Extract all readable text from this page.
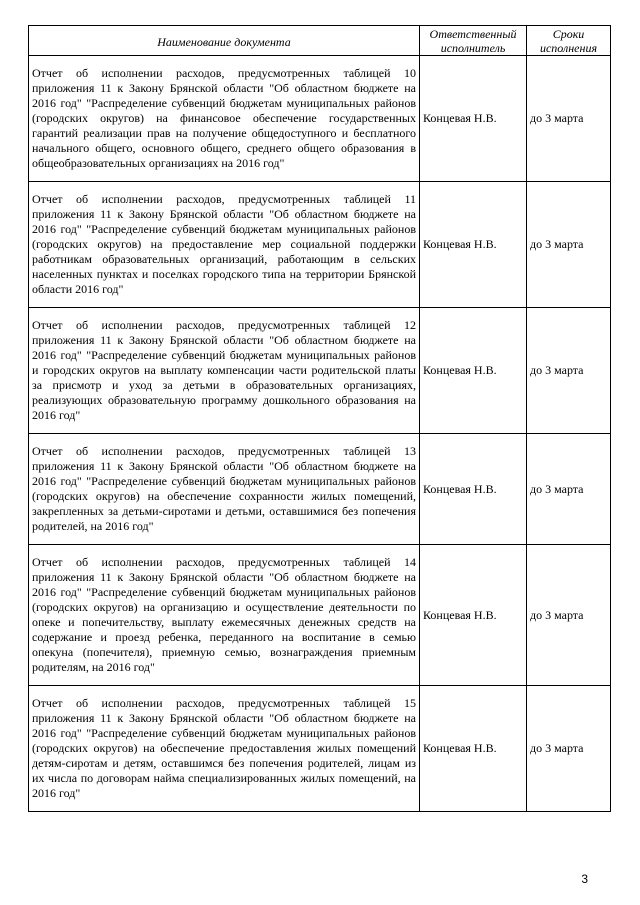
Наименование документа	Ответственный исполнитель	Сроки исполнения
Отчет об исполнении расходов, предусмотренных таблицей 10 приложения 11 к Закону Брянской области "Об областном бюджете на 2016 год" "Распределение субвенций бюджетам муниципальных районов (городских округов) на финансовое обеспечение государственных гарантий реализации прав на получение общедоступного и бесплатного начального общего, основного общего, среднего общего образования в общеобразовательных организациях на 2016 год"	Концевая Н.В.	до 3 марта
Отчет об исполнении расходов, предусмотренных таблицей 11 приложения 11 к Закону Брянской области "Об областном бюджете на 2016 год" "Распределение субвенций бюджетам муниципальных районов (городских округов) на предоставление мер социальной поддержки работникам образовательных организаций, работающим в сельских населенных пунктах и поселках городского типа на территории Брянской области 2016 год"	Концевая Н.В.	до 3 марта
Отчет об исполнении расходов, предусмотренных таблицей 12 приложения 11 к Закону Брянской области "Об областном бюджете на 2016 год" "Распределение субвенций бюджетам муниципальных районов и городских округов на выплату компенсации части родительской платы за присмотр и уход за детьми в образовательных организациях, реализующих образовательную программу дошкольного образования на 2016 год"	Концевая Н.В.	до 3 марта
Отчет об исполнении расходов, предусмотренных таблицей 13 приложения 11 к Закону Брянской области "Об областном бюджете на 2016 год" "Распределение субвенций бюджетам муниципальных районов (городских округов) на обеспечение сохранности жилых помещений, закрепленных за детьми-сиротами и детьми, оставшимися без попечения родителей, на 2016 год"	Концевая Н.В.	до 3 марта
Отчет об исполнении расходов, предусмотренных таблицей 14 приложения 11 к Закону Брянской области "Об областном бюджете на 2016 год" "Распределение субвенций бюджетам муниципальных районов (городских округов) на организацию и осуществление деятельности по опеке и попечительству, выплату ежемесячных денежных средств на содержание и проезд ребенка, переданного на воспитание в семью опекуна (попечителя), приемную семью, вознаграждения приемным родителям, на 2016 год"	Концевая Н.В.	до 3 марта
Отчет об исполнении расходов, предусмотренных таблицей 15 приложения 11 к Закону Брянской области "Об областном бюджете на 2016 год" "Распределение субвенций бюджетам муниципальных районов (городских округов) на обеспечение предоставления жилых помещений детям-сиротам и детям, оставшимся без попечения родителей, лицам из их числа по договорам найма специализированных жилых помещений, на 2016 год"	Концевая Н.В.	до 3 марта
3
